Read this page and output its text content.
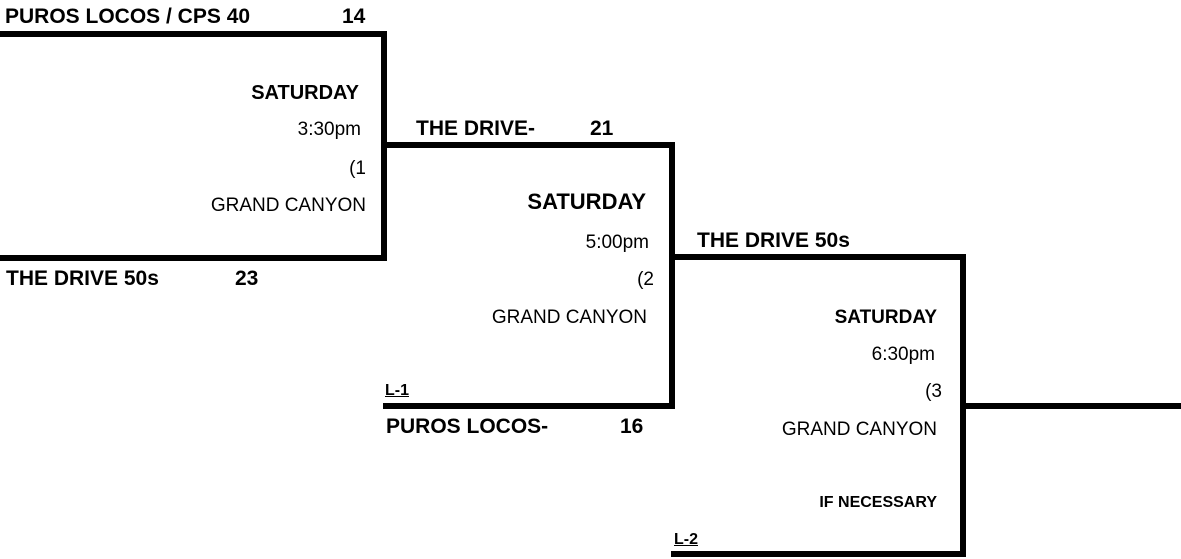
PUROS LOCOS / CPS 40	14
SATURDAY
3:30pm
(1
GRAND CANYON
THE DRIVE 50s	23
THE DRIVE-	21
SATURDAY
5:00pm
(2
GRAND CANYON
L-1
PUROS LOCOS-	16
THE DRIVE 50s
SATURDAY
6:30pm
(3
GRAND CANYON
IF NECESSARY
L-2
